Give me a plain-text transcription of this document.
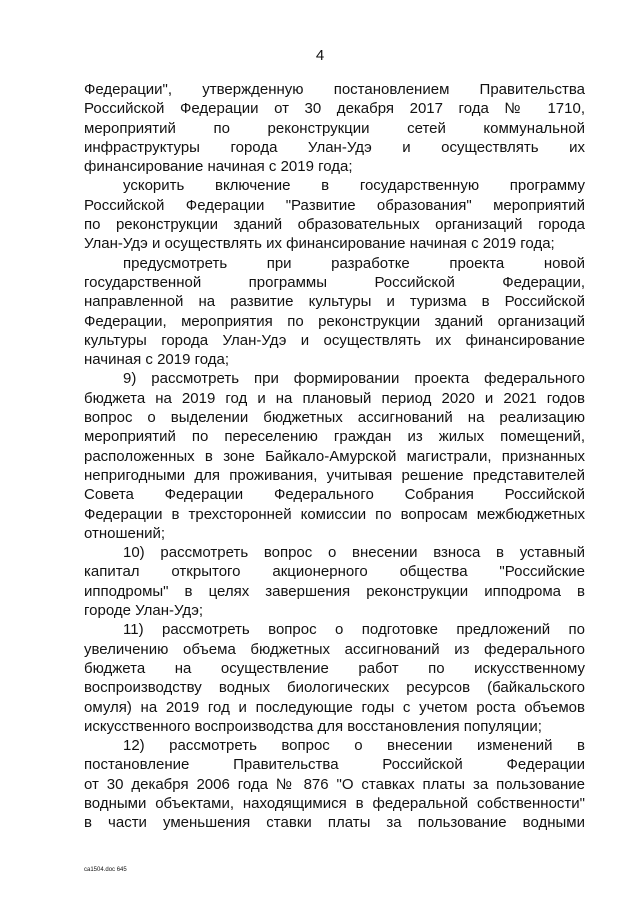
4

Федерации", утвержденную постановлением Правительства

Российской Федерации от 30 декабря 2017 года № 1710,

мероприятий по реконструкции сетей коммунальной

инфраструктуры города Улан-Удэ и осуществлять их

финансирование начиная с 2019 года;

ускорить включение в государственную программу

Российской Федерации "Развитие образования" мероприятий

по реконструкции зданий образовательных организаций города

Улан-Удэ и осуществлять их финансирование начиная с 2019 года;

предусмотреть при разработке проекта новой

государственной программы Российской Федерации,

направленной на развитие культуры и туризма в Российской

Федерации, мероприятия по реконструкции зданий организаций

культуры города Улан-Удэ и осуществлять их финансирование

начиная с 2019 года;

9) рассмотреть при формировании проекта федерального

бюджета на 2019 год и на плановый период 2020 и 2021 годов

вопрос о выделении бюджетных ассигнований на реализацию

мероприятий по переселению граждан из жилых помещений,

расположенных в зоне Байкало-Амурской магистрали, признанных

непригодными для проживания, учитывая решение представителей

Совета Федерации Федерального Собрания Российской

Федерации в трехсторонней комиссии по вопросам межбюджетных

отношений;

10) рассмотреть вопрос о внесении взноса в уставный

капитал открытого акционерного общества "Российские

ипподромы" в целях завершения реконструкции ипподрома в

городе Улан-Удэ;

11) рассмотреть вопрос о подготовке предложений по

увеличению объема бюджетных ассигнований из федерального

бюджета на осуществление работ по искусственному

воспроизводству водных биологических ресурсов (байкальского

омуля) на 2019 год и последующие годы с учетом роста объемов

искусственного воспроизводства для восстановления популяции;

12) рассмотреть вопрос о внесении изменений в

постановление Правительства Российской Федерации

от 30 декабря 2006 года № 876 "О ставках платы за пользование

водными объектами, находящимися в федеральной собственности"

в части уменьшения ставки платы за пользование водными

ca1504.doc 645
